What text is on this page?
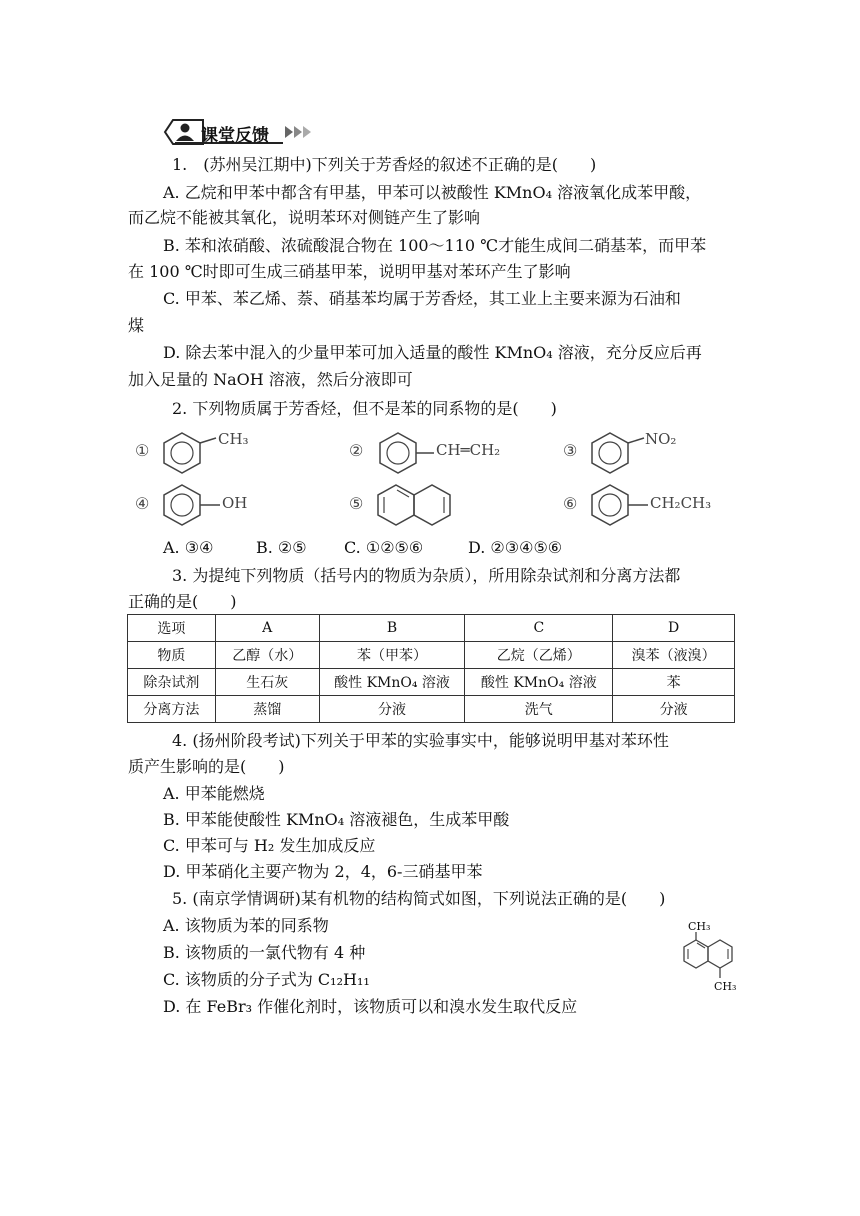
课堂反馈
1.　(苏州吴江期中)下列关于芳香烃的叙述不正确的是(　　)
A. 乙烷和甲苯中都含有甲基，甲苯可以被酸性 KMnO₄ 溶液氧化成苯甲酸，
而乙烷不能被其氧化，说明苯环对侧链产生了影响
B. 苯和浓硝酸、浓硫酸混合物在 100～110 ℃才能生成间二硝基苯，而甲苯
在 100 ℃时即可生成三硝基甲苯，说明甲基对苯环产生了影响
C. 甲苯、苯乙烯、萘、硝基苯均属于芳香烃，其工业上主要来源为石油和
煤
D. 除去苯中混入的少量甲苯可加入适量的酸性 KMnO₄ 溶液，充分反应后再
加入足量的 NaOH 溶液，然后分液即可
2. 下列物质属于芳香烃，但不是苯的同系物的是(　　)
①
CH₃
②	CH═CH₂	③
NO₂
④	OH	⑤	⑥	CH₂CH₃
A. ③④	B. ②⑤ C. ①②⑤⑥	D. ②③④⑤⑥
3. 为提纯下列物质（括号内的物质为杂质），所用除杂试剂和分离方法都
正确的是(　　)
选项	A	B	C	D
物质	乙醇（水）	苯（甲苯）	乙烷（乙烯）	溴苯（液溴）
除杂试剂	生石灰	酸性 KMnO₄ 溶液	酸性 KMnO₄ 溶液	苯
分离方法	蒸馏	分液	洗气	分液
4. (扬州阶段考试)下列关于甲苯的实验事实中，能够说明甲基对苯环性
质产生影响的是(　　)
A. 甲苯能燃烧
B. 甲苯能使酸性 KMnO₄ 溶液褪色，生成苯甲酸
C. 甲苯可与 H₂ 发生加成反应
D. 甲苯硝化主要产物为 2，4，6-三硝基甲苯
5. (南京学情调研)某有机物的结构简式如图，下列说法正确的是(　　)
A. 该物质为苯的同系物
B. 该物质的一氯代物有 4 种
C. 该物质的分子式为 C₁₂H₁₁
D. 在 FeBr₃ 作催化剂时，该物质可以和溴水发生取代反应
CH₃
CH₃
